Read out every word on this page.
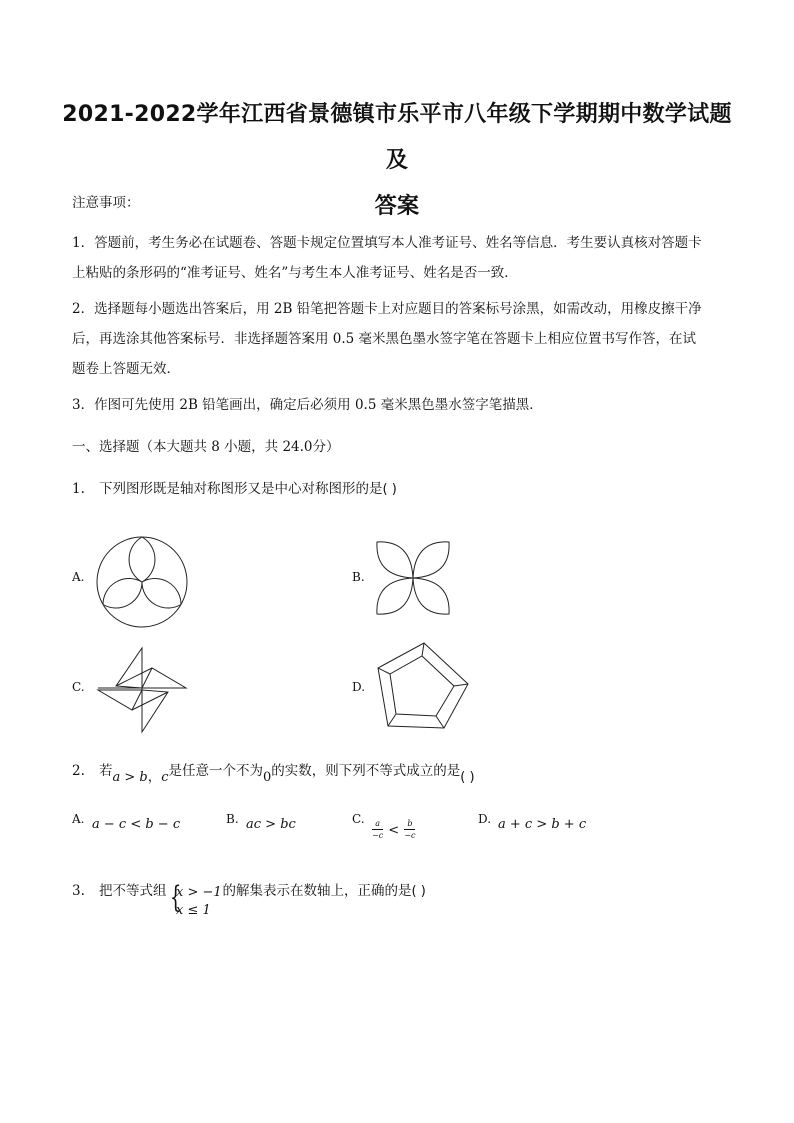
2021-2022学年江西省景德镇市乐平市八年级下学期期中数学试题及
答案
注意事项：
1．答题前，考生务必在试题卷、答题卡规定位置填写本人准考证号、姓名等信息．考生要认真核对答题卡
上粘贴的条形码的“准考证号、姓名”与考生本人准考证号、姓名是否一致．
2．选择题每小题选出答案后，用 2B 铅笔把答题卡上对应题目的答案标号涂黑，如需改动，用橡皮擦干净
后，再选涂其他答案标号．非选择题答案用 0.5 毫米黑色墨水签字笔在答题卡上相应位置书写作答，在试
题卷上答题无效．
3．作图可先使用 2B 铅笔画出，确定后必须用 0.5 毫米黑色墨水签字笔描黑．
一、选择题（本大题共 8 小题，共 24.0分）
1. 下列图形既是轴对称图形又是中心对称图形的是( )
A.	B.
C.	D.
2. 若a > b，c是任意一个不为0的实数，则下列不等式成立的是( )
A. a − c < b − c	B. ac > bc	C. $\frac{a}{-c} < \frac{b}{-c}$	D. a + c > b + c
3. 把不等式组	的解集表示在数轴上，正确的是( )
{
x > −1
x ≤ 1
